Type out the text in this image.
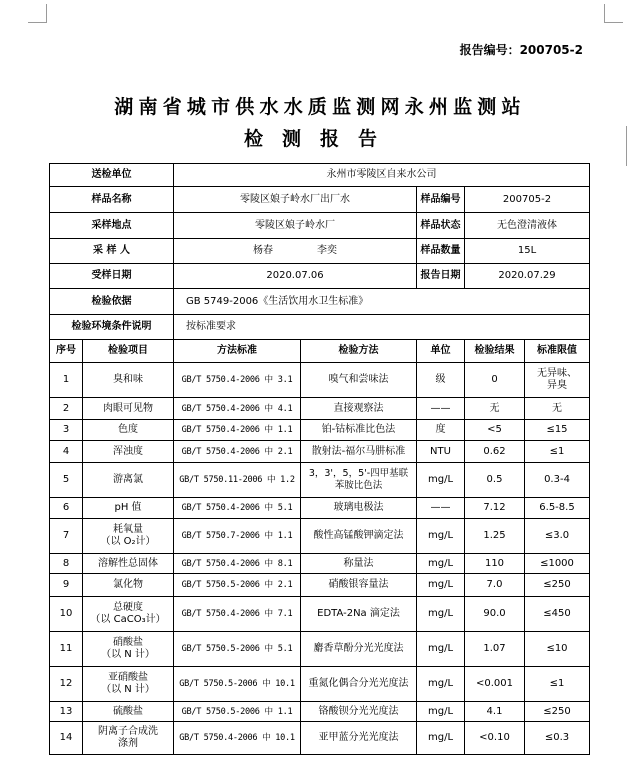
报告编号：200705-2
湖南省城市供水水质监测网永州监测站
检测报告
送检单位		永州市零陵区自来水公司				
样品名称		零陵区娘子岭水厂出厂水		样品编号	200705-2	
采样地点		零陵区娘子岭水厂		样品状态	无色澄清液体	
采 样 人		杨春 李奕		样品数量	15L	
受样日期		2020.07.06		报告日期	2020.07.29	
检验依据		GB 5749-2006《生活饮用水卫生标准》				
检验环境条件说明		按标准要求				
序号	检验项目	方法标准	检验方法	单位	检验结果	标准限值

1	臭和味	GB/T 5750.4-2006 中 3.1	嗅气和尝味法	级	0	无异味、
异臭

2	肉眼可见物	GB/T 5750.4-2006 中 4.1	直接观察法	——	无	无

3	色度	GB/T 5750.4-2006 中 1.1	铂-钴标准比色法	度	<5	≤15

4	浑浊度	GB/T 5750.4-2006 中 2.1	散射法-福尔马肼标准	NTU	0.62	≤1

5	游离氯	GB/T 5750.11-2006 中 1.2	3，3'，5，5'-四甲基联
苯胺比色法	mg/L	0.5	0.3-4

6	pH 值	GB/T 5750.4-2006 中 5.1	玻璃电极法	——	7.12	6.5-8.5

7	耗氧量
（以 O₂计）	GB/T 5750.7-2006 中 1.1	酸性高锰酸钾滴定法	mg/L	1.25	≤3.0

8	溶解性总固体	GB/T 5750.4-2006 中 8.1	称量法	mg/L	110	≤1000

9	氯化物	GB/T 5750.5-2006 中 2.1	硝酸银容量法	mg/L	7.0	≤250

10	总硬度
（以 CaCO₃计）	GB/T 5750.4-2006 中 7.1	EDTA-2Na 滴定法	mg/L	90.0	≤450

11	硝酸盐
（以 N 计）	GB/T 5750.5-2006 中 5.1	麝香草酚分光光度法	mg/L	1.07	≤10

12	亚硝酸盐
（以 N 计）	GB/T 5750.5-2006 中 10.1	重氮化偶合分光光度法	mg/L	<0.001	≤1

13	硫酸盐	GB/T 5750.5-2006 中 1.1	铬酸钡分光光度法	mg/L	4.1	≤250

14	阴离子合成洗
涤剂	GB/T 5750.4-2006 中 10.1	亚甲蓝分光光度法	mg/L	<0.10	≤0.3
